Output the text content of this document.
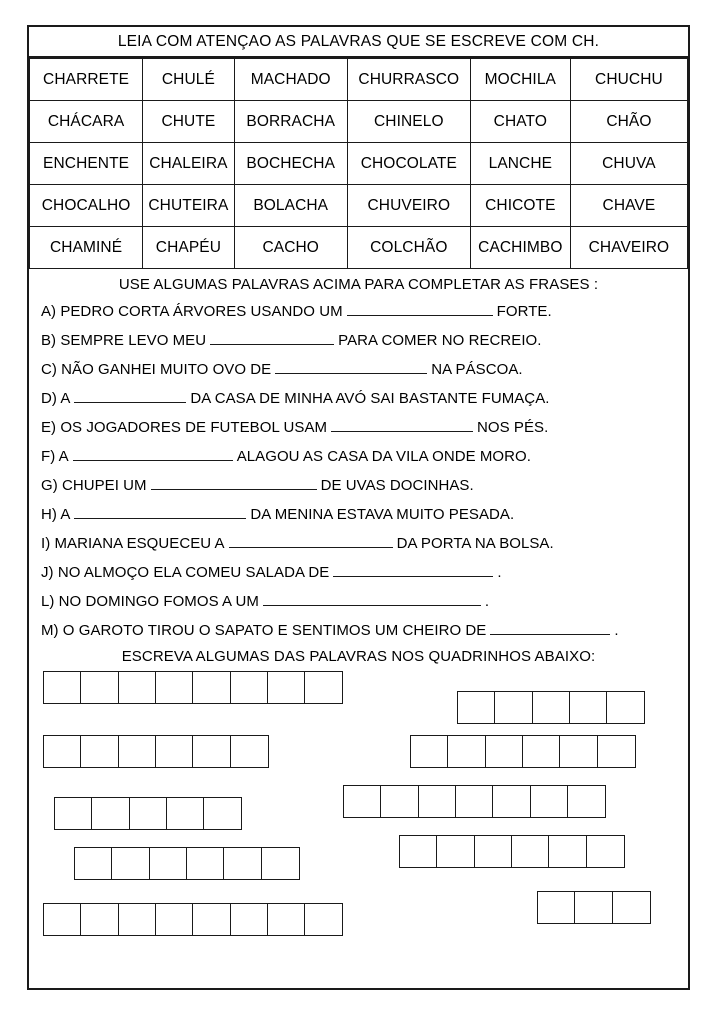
LEIA COM ATENÇAO AS PALAVRAS QUE SE ESCREVE COM CH.
CHARRETE	CHULÉ	MACHADO	CHURRASCO	MOCHILA	CHUCHU
CHÁCARA	CHUTE	BORRACHA	CHINELO	CHATO	CHÃO
ENCHENTE	CHALEIRA	BOCHECHA	CHOCOLATE	LANCHE	CHUVA
CHOCALHO	CHUTEIRA	BOLACHA	CHUVEIRO	CHICOTE	CHAVE
CHAMINÉ	CHAPÉU	CACHO	COLCHÃO	CACHIMBO	CHAVEIRO
USE ALGUMAS PALAVRAS ACIMA PARA COMPLETAR AS FRASES :
A) PEDRO CORTA ÁRVORES USANDO UM	FORTE.
B) SEMPRE LEVO MEU	PARA COMER NO RECREIO.
C) NÃO GANHEI MUITO OVO DE	NA PÁSCOA.
D) A	DA CASA DE MINHA AVÓ SAI BASTANTE FUMAÇA.
E) OS JOGADORES DE FUTEBOL USAM	NOS PÉS.
F) A	ALAGOU AS CASA DA VILA ONDE MORO.
G) CHUPEI UM	DE UVAS DOCINHAS.
H) A	DA MENINA ESTAVA MUITO PESADA.
I) MARIANA ESQUECEU A	DA PORTA NA BOLSA.
J) NO ALMOÇO ELA COMEU SALADA DE	.
L) NO DOMINGO FOMOS A UM	.
M) O GAROTO TIROU O SAPATO E SENTIMOS UM CHEIRO DE	.
ESCREVA ALGUMAS DAS PALAVRAS NOS QUADRINHOS ABAIXO:
